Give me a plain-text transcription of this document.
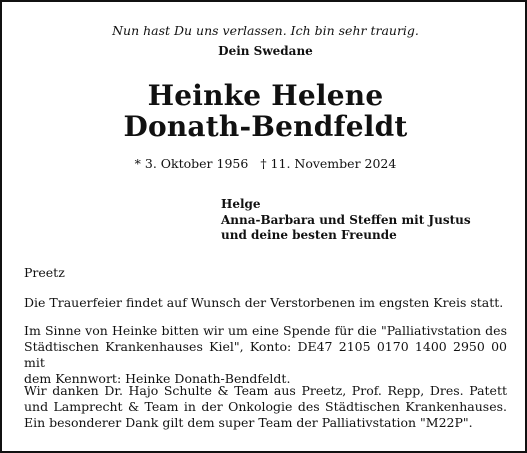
Nun hast Du uns verlassen. Ich bin sehr traurig.
Dein Swedane
Heinke Helene
Donath-Bendfeldt
* 3. Oktober 1956 † 11. November 2024
Helge
Anna-Barbara und Steffen mit Justus
und deine besten Freunde
Preetz
Die Trauerfeier findet auf Wunsch der Verstorbenen im engsten Kreis statt.
Im Sinne von Heinke bitten wir um eine Spende für die "Palliativstation des
Städtischen Krankenhauses Kiel", Konto: DE47 2105 0170 1400 2950 00 mit
dem Kennwort: Heinke Donath-Bendfeldt.
Wir danken Dr. Hajo Schulte & Team aus Preetz, Prof. Repp, Dres. Patett
und Lamprecht & Team in der Onkologie des Städtischen Krankenhauses.
Ein besonderer Dank gilt dem super Team der Palliativstation "M22P".
